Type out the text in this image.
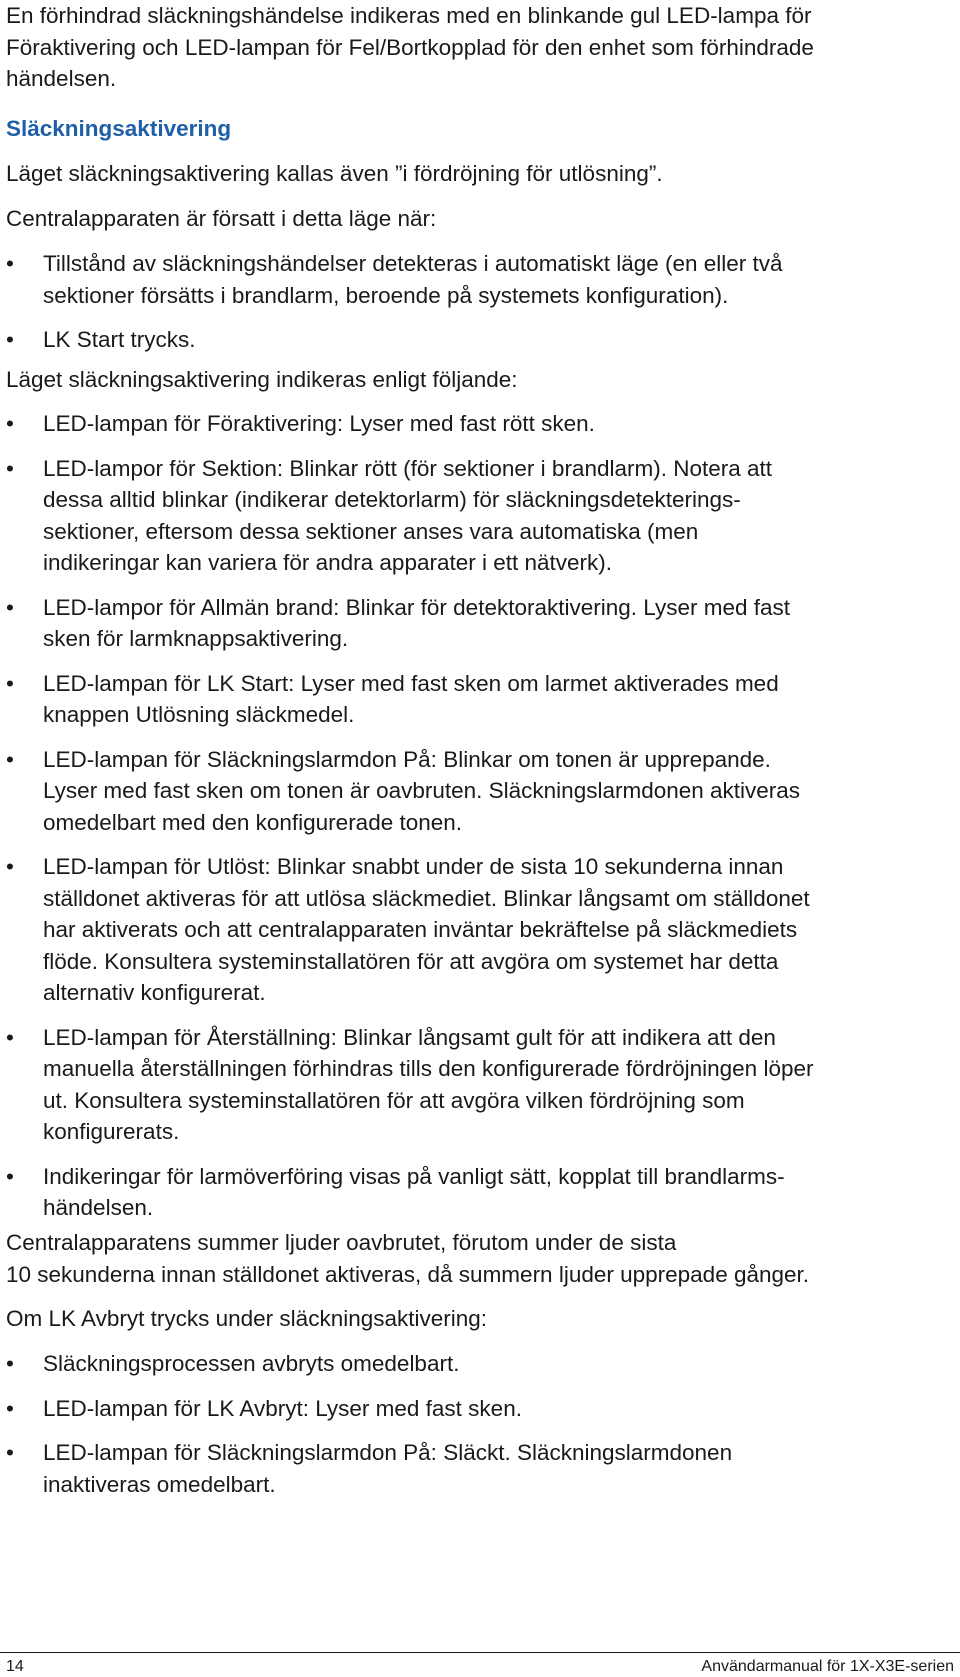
En förhindrad släckningshändelse indikeras med en blinkande gul LED-lampa för
Föraktivering och LED-lampan för Fel/Bortkopplad för den enhet som förhindrade
händelsen.
Släckningsaktivering
Läget släckningsaktivering kallas även ”i fördröjning för utlösning”.
Centralapparaten är försatt i detta läge när:
•	Tillstånd av släckningshändelser detekteras i automatiskt läge (en eller två
sektioner försätts i brandlarm, beroende på systemets konfiguration).
•	LK Start trycks.
Läget släckningsaktivering indikeras enligt följande:
•	LED-lampan för Föraktivering: Lyser med fast rött sken.
•	LED-lampor för Sektion: Blinkar rött (för sektioner i brandlarm). Notera att
dessa alltid blinkar (indikerar detektorlarm) för släckningsdetekterings-
sektioner, eftersom dessa sektioner anses vara automatiska (men
indikeringar kan variera för andra apparater i ett nätverk).
•	LED-lampor för Allmän brand: Blinkar för detektoraktivering. Lyser med fast
sken för larmknappsaktivering.
•	LED-lampan för LK Start: Lyser med fast sken om larmet aktiverades med
knappen Utlösning släckmedel.
•	LED-lampan för Släckningslarmdon På: Blinkar om tonen är upprepande.
Lyser med fast sken om tonen är oavbruten. Släckningslarmdonen aktiveras
omedelbart med den konfigurerade tonen.
•	LED-lampan för Utlöst: Blinkar snabbt under de sista 10 sekunderna innan
ställdonet aktiveras för att utlösa släckmediet. Blinkar långsamt om ställdonet
har aktiverats och att centralapparaten inväntar bekräftelse på släckmediets
flöde. Konsultera systeminstallatören för att avgöra om systemet har detta
alternativ konfigurerat.
•	LED-lampan för Återställning: Blinkar långsamt gult för att indikera att den
manuella återställningen förhindras tills den konfigurerade fördröjningen löper
ut. Konsultera systeminstallatören för att avgöra vilken fördröjning som
konfigurerats.
•	Indikeringar för larmöverföring visas på vanligt sätt, kopplat till brandlarms-
händelsen.
Centralapparatens summer ljuder oavbrutet, förutom under de sista
10 sekunderna innan ställdonet aktiveras, då summern ljuder upprepade gånger.
Om LK Avbryt trycks under släckningsaktivering:
•	Släckningsprocessen avbryts omedelbart.
•	LED-lampan för LK Avbryt: Lyser med fast sken.
•	LED-lampan för Släckningslarmdon På: Släckt. Släckningslarmdonen
inaktiveras omedelbart.
14	Användarmanual för 1X-X3E-serien
